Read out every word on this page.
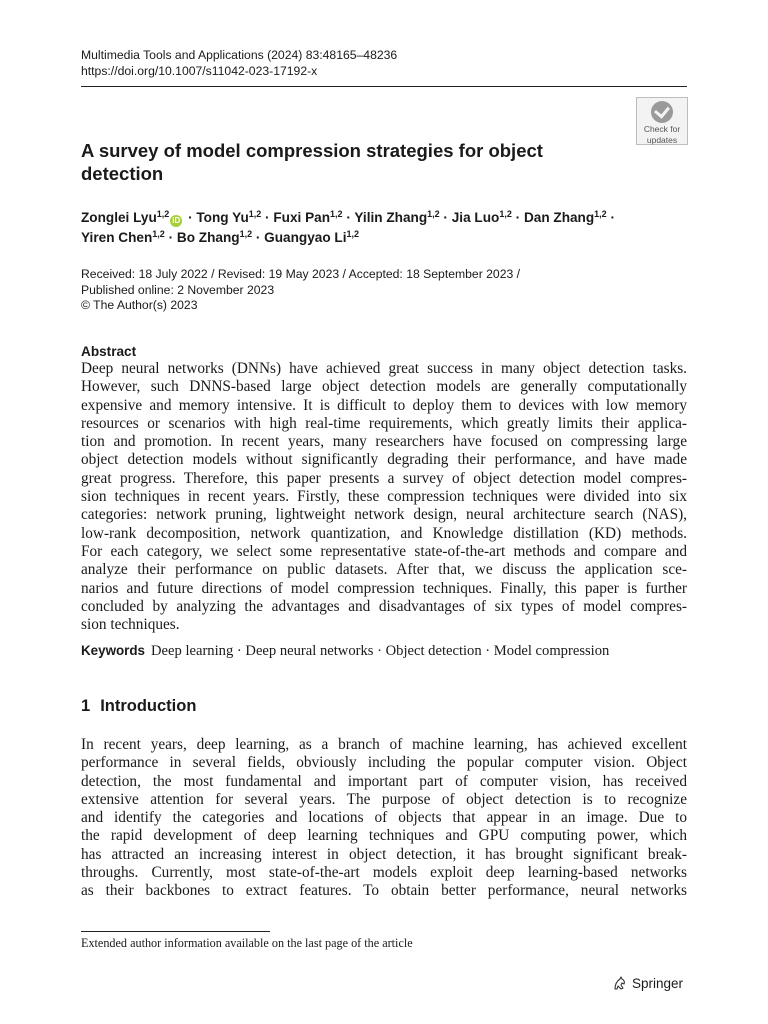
Multimedia Tools and Applications (2024) 83:48165–48236
https://doi.org/10.1007/s11042-023-17192-x
Check for
updates
A survey of model compression strategies for object detection
Zonglei Lyu$^{1,2}$iD · Tong Yu$^{1,2}$ · Fuxi Pan$^{1,2}$ · Yilin Zhang$^{1,2}$ · Jia Luo$^{1,2}$ · Dan Zhang$^{1,2}$ ·
Yiren Chen$^{1,2}$ · Bo Zhang$^{1,2}$ · Guangyao Li$^{1,2}$
Received: 18 July 2022 / Revised: 19 May 2023 / Accepted: 18 September 2023 /
Published online: 2 November 2023
© The Author(s) 2023
Abstract
Deep neural networks (DNNs) have achieved great success in many object detection tasks.
However, such DNNS-based large object detection models are generally computationally
expensive and memory intensive. It is difficult to deploy them to devices with low memory
resources or scenarios with high real-time requirements, which greatly limits their applica-
tion and promotion. In recent years, many researchers have focused on compressing large
object detection models without significantly degrading their performance, and have made
great progress. Therefore, this paper presents a survey of object detection model compres-
sion techniques in recent years. Firstly, these compression techniques were divided into six
categories: network pruning, lightweight network design, neural architecture search (NAS),
low-rank decomposition, network quantization, and Knowledge distillation (KD) methods.
For each category, we select some representative state-of-the-art methods and compare and
analyze their performance on public datasets. After that, we discuss the application sce-
narios and future directions of model compression techniques. Finally, this paper is further
concluded by analyzing the advantages and disadvantages of six types of model compres-
sion techniques.
Keywords Deep learning · Deep neural networks · Object detection · Model compression
1 Introduction
In recent years, deep learning, as a branch of machine learning, has achieved excellent
performance in several fields, obviously including the popular computer vision. Object
detection, the most fundamental and important part of computer vision, has received
extensive attention for several years. The purpose of object detection is to recognize
and identify the categories and locations of objects that appear in an image. Due to
the rapid development of deep learning techniques and GPU computing power, which
has attracted an increasing interest in object detection, it has brought significant break-
throughs. Currently, most state-of-the-art models exploit deep learning-based networks
as their backbones to extract features. To obtain better performance, neural networks
Extended author information available on the last page of the article
Springer
